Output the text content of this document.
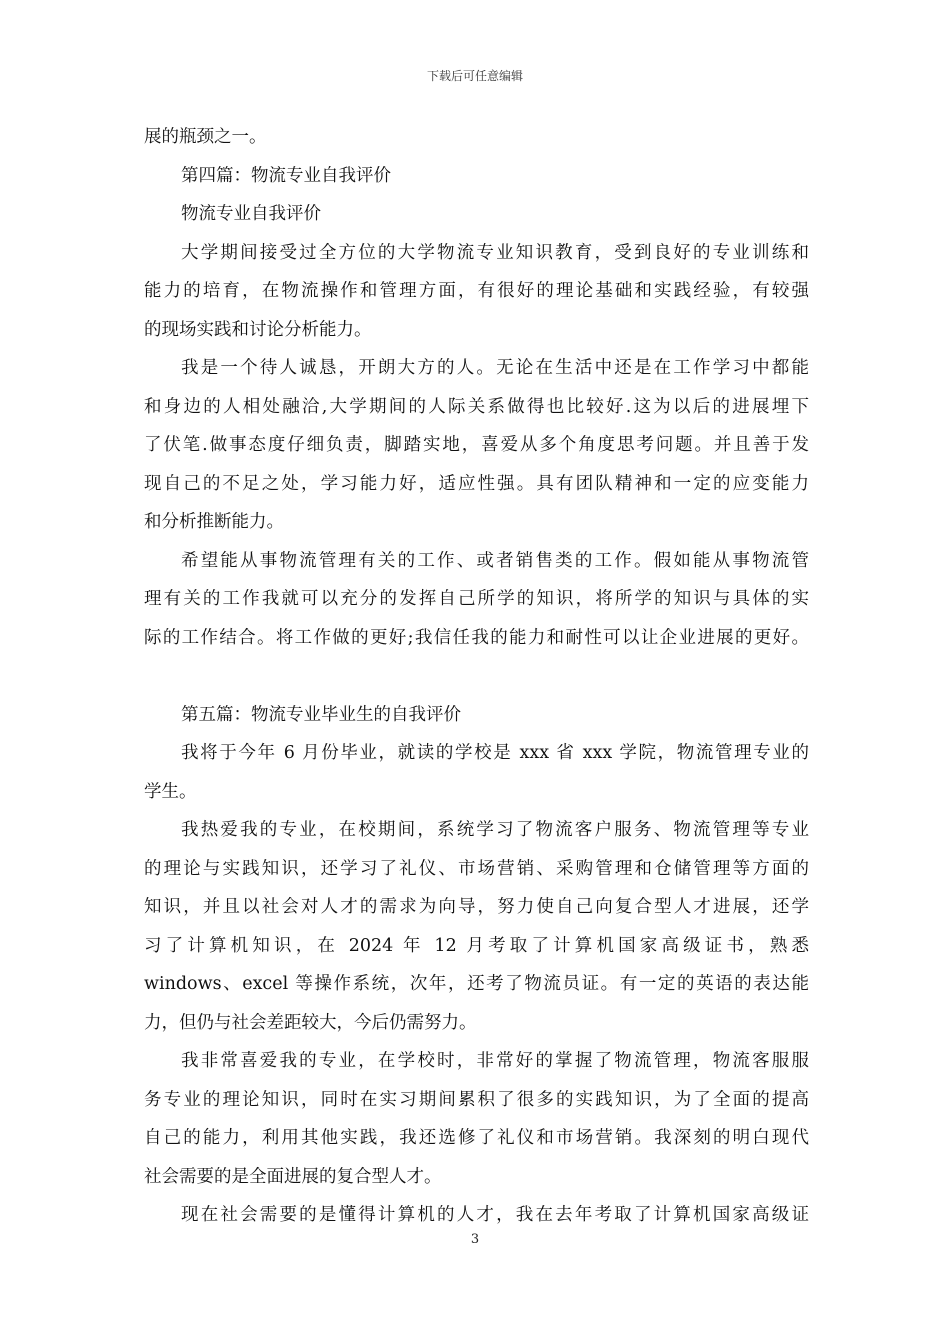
下载后可任意编辑
展的瓶颈之一。
第四篇：物流专业自我评价
物流专业自我评价
大学期间接受过全方位的大学物流专业知识教育，受到良好的专业训练和
能力的培育，在物流操作和管理方面，有很好的理论基础和实践经验，有较强
的现场实践和讨论分析能力。
我是一个待人诚恳，开朗大方的人。无论在生活中还是在工作学习中都能
和身边的人相处融洽,大学期间的人际关系做得也比较好.这为以后的进展埋下
了伏笔.做事态度仔细负责，脚踏实地，喜爱从多个角度思考问题。并且善于发
现自己的不足之处，学习能力好，适应性强。具有团队精神和一定的应变能力
和分析推断能力。
希望能从事物流管理有关的工作、或者销售类的工作。假如能从事物流管
理有关的工作我就可以充分的发挥自己所学的知识，将所学的知识与具体的实
际的工作结合。将工作做的更好;我信任我的能力和耐性可以让企业进展的更好。
第五篇：物流专业毕业生的自我评价
我将于今年 6 月份毕业，就读的学校是 xxx 省 xxx 学院，物流管理专业的
学生。
我热爱我的专业，在校期间，系统学习了物流客户服务、物流管理等专业
的理论与实践知识，还学习了礼仪、市场营销、采购管理和仓储管理等方面的
知识，并且以社会对人才的需求为向导，努力使自己向复合型人才进展，还学
习了计算机知识，在 2024 年 12 月考取了计算机国家高级证书，熟悉
windows、excel 等操作系统，次年，还考了物流员证。有一定的英语的表达能
力，但仍与社会差距较大，今后仍需努力。
我非常喜爱我的专业，在学校时，非常好的掌握了物流管理，物流客服服
务专业的理论知识，同时在实习期间累积了很多的实践知识，为了全面的提高
自己的能力，利用其他实践，我还选修了礼仪和市场营销。我深刻的明白现代
社会需要的是全面进展的复合型人才。
现在社会需要的是懂得计算机的人才，我在去年考取了计算机国家高级证
3
